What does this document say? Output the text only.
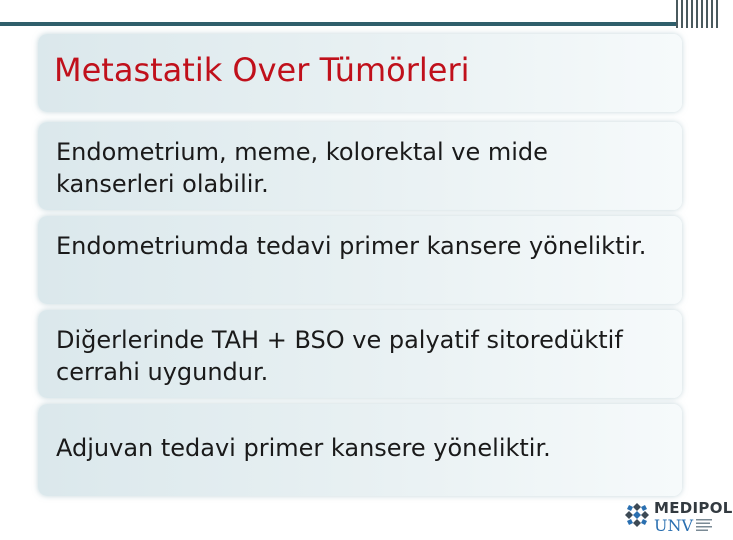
Metastatik Over Tümörleri
Endometrium, meme, kolorektal ve mide kanserleri olabilir.
Endometriumda tedavi primer kansere yöneliktir.
Diğerlerinde TAH + BSO ve palyatif sitoredüktif cerrahi uygundur.
Adjuvan tedavi primer kansere yöneliktir.
MEDIPOL
UNV
